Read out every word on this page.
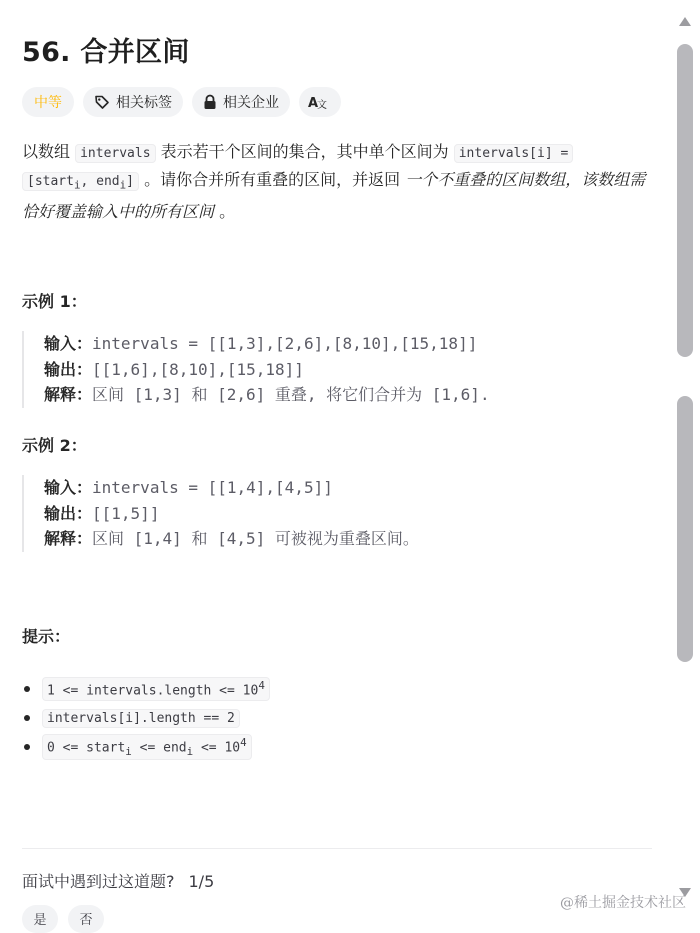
56. 合并区间
中等	相关标签	相关企业 A
文
以数组 intervals 表示若干个区间的集合，其中单个区间为 intervals[i] =
[start$_i$, end$_i$] 。请你合并所有重叠的区间，并返回 一个不重叠的区间数组，该数组需恰好覆盖输入中的所有区间 。
示例 1：
输入：intervals = [[1,3],[2,6],[8,10],[15,18]]
输出：[[1,6],[8,10],[15,18]]
解释：区间 [1,3] 和 [2,6] 重叠, 将它们合并为 [1,6].
示例 2：
输入：intervals = [[1,4],[4,5]]
输出：[[1,5]]
解释：区间 [1,4] 和 [4,5] 可被视为重叠区间。
提示：
1 <= intervals.length <= $10^4$
intervals[i].length == 2
0 <= start$_i$ <= $end_i <= 10^4$
面试中遇到过这道题? 1/5
是	否
@稀土掘金技术社区
